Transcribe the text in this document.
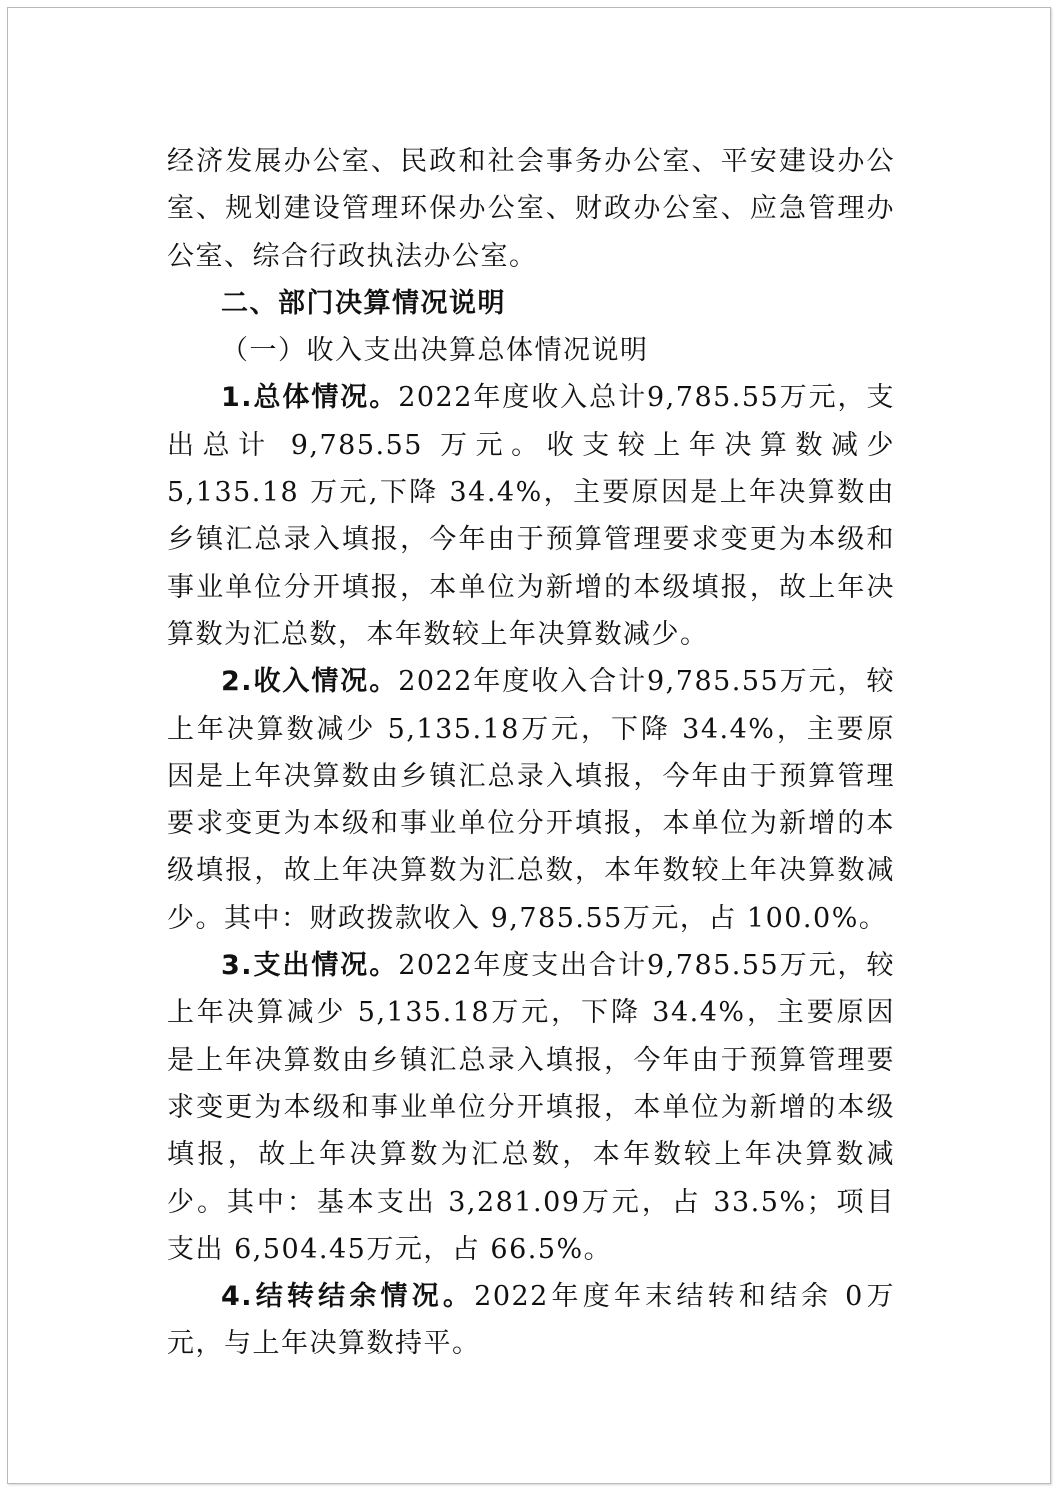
经济发展办公室、民政和社会事务办公室、平安建设办公室、规划建设管理环保办公室、财政办公室、应急管理办公室、综合行政执法办公室。

二、部门决算情况说明

（一）收入支出决算总体情况说明

1.总体情况。2022年度收入总计9,785.55万元，支出总计 9,785.55 万元。收支较上年决算数减少 5,135.18 万元,下降 34.4%，主要原因是上年决算数由乡镇汇总录入填报，今年由于预算管理要求变更为本级和事业单位分开填报，本单位为新增的本级填报，故上年决算数为汇总数，本年数较上年决算数减少。

2.收入情况。2022年度收入合计9,785.55万元，较上年决算数减少 5,135.18万元，下降 34.4%，主要原因是上年决算数由乡镇汇总录入填报，今年由于预算管理要求变更为本级和事业单位分开填报，本单位为新增的本级填报，故上年决算数为汇总数，本年数较上年决算数减少。其中：财政拨款收入 9,785.55万元，占 100.0%。

3.支出情况。2022年度支出合计9,785.55万元，较上年决算减少 5,135.18万元，下降 34.4%，主要原因是上年决算数由乡镇汇总录入填报，今年由于预算管理要求变更为本级和事业单位分开填报，本单位为新增的本级填报，故上年决算数为汇总数，本年数较上年决算数减少。其中：基本支出 3,281.09万元，占 33.5%；项目支出 6,504.45万元，占 66.5%。

4.结转结余情况。2022年度年末结转和结余 0万元，与上年决算数持平。
